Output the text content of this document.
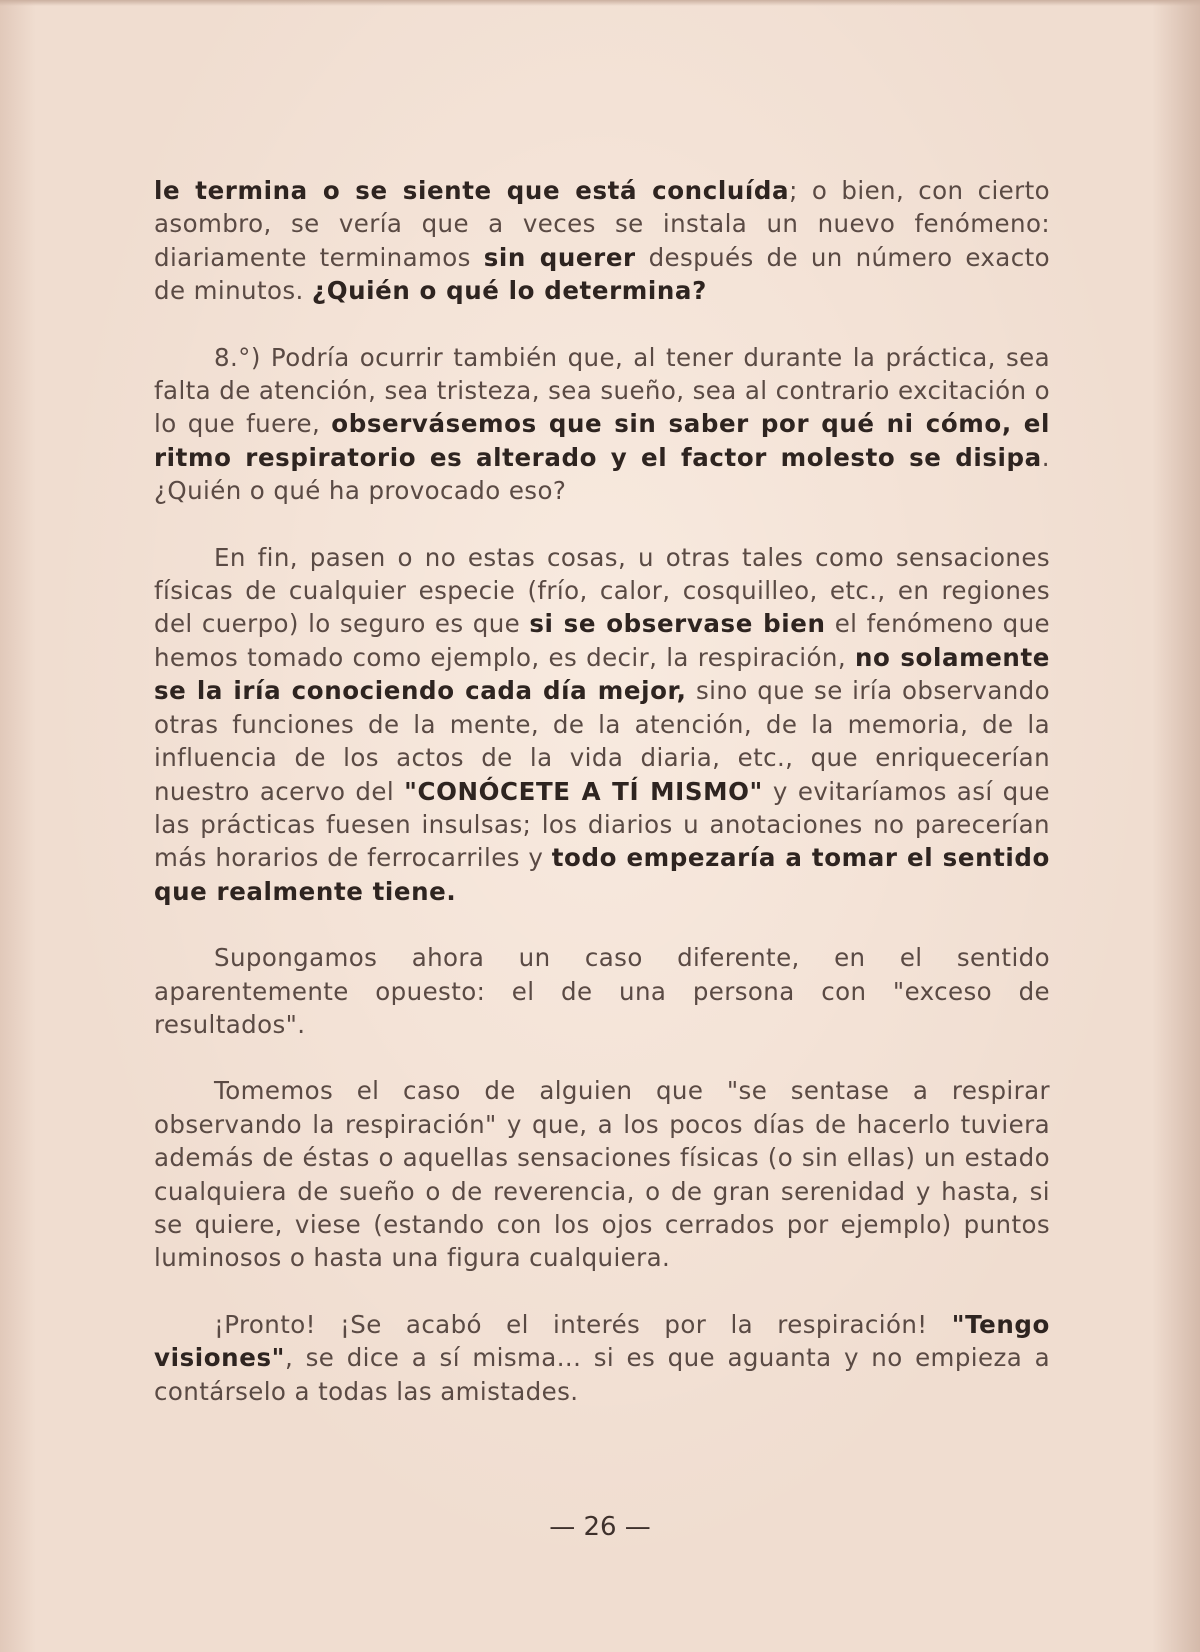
le termina o se siente que está concluída; o bien, con cierto asombro, se vería que a veces se instala un nuevo fenómeno: diariamente terminamos sin querer después de un número exacto de minutos. ¿Quién o qué lo determina?

8.°) Podría ocurrir también que, al tener durante la práctica, sea falta de atención, sea tristeza, sea sueño, sea al contrario excitación o lo que fuere, observásemos que sin saber por qué ni cómo, el ritmo respiratorio es alterado y el factor molesto se disipa. ¿Quién o qué ha provocado eso?

En fin, pasen o no estas cosas, u otras tales como sensaciones físicas de cualquier especie (frío, calor, cosquilleo, etc., en regiones del cuerpo) lo seguro es que si se observase bien el fenómeno que hemos tomado como ejemplo, es decir, la respiración, no solamente se la iría conociendo cada día mejor, sino que se iría observando otras funciones de la mente, de la atención, de la memoria, de la influencia de los actos de la vida diaria, etc., que enriquecerían nuestro acervo del "CONÓCETE A TÍ MISMO" y evitaríamos así que las prácticas fuesen insulsas; los diarios u anotaciones no parecerían más horarios de ferrocarriles y todo empezaría a tomar el sentido que realmente tiene.

Supongamos ahora un caso diferente, en el sentido aparentemente opuesto: el de una persona con "exceso de resultados".

Tomemos el caso de alguien que "se sentase a respirar observando la respiración" y que, a los pocos días de hacerlo tuviera además de éstas o aquellas sensaciones físicas (o sin ellas) un estado cualquiera de sueño o de reverencia, o de gran serenidad y hasta, si se quiere, viese (estando con los ojos cerrados por ejemplo) puntos luminosos o hasta una figura cualquiera.

¡Pronto! ¡Se acabó el interés por la respiración! "Tengo visiones", se dice a sí misma... si es que aguanta y no empieza a contárselo a todas las amistades.

— 26 —
